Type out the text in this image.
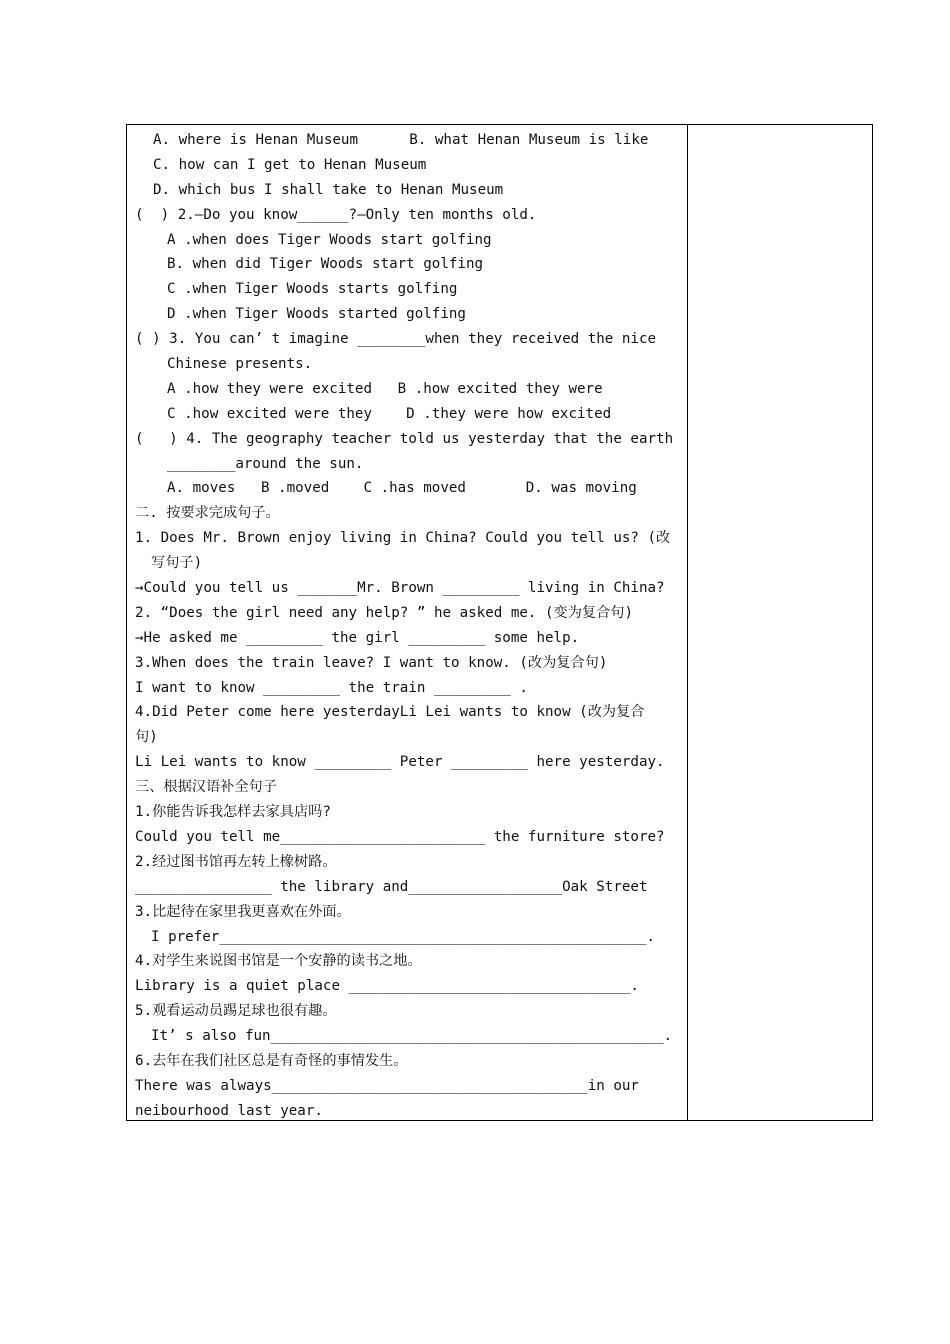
A. where is Henan Museum      B. what Henan Museum is like
C. how can I get to Henan Museum
D. which bus I shall take to Henan Museum
(  ) 2.—Do you know______?—Only ten months old.
A .when does Tiger Woods start golfing
B. when did Tiger Woods start golfing
C .when Tiger Woods starts golfing
D .when Tiger Woods started golfing
( ) 3. You can’ t imagine ________when they received the nice
Chinese presents.
A .how they were excited   B .how excited they were
C .how excited were they    D .they were how excited
(   ) 4. The geography teacher told us yesterday that the earth
________around the sun.
A. moves   B .moved    C .has moved       D. was moving
二. 按要求完成句子。
1. Does Mr. Brown enjoy living in China? Could you tell us? (改
写句子)
→Could you tell us _______Mr. Brown _________ living in China?
2. “Does the girl need any help? ” he asked me. (变为复合句)
→He asked me _________ the girl _________ some help.
3.When does the train leave? I want to know. (改为复合句)
I want to know _________ the train _________ .
4.Did Peter come here yesterdayLi Lei wants to know (改为复合
句)
Li Lei wants to know _________ Peter _________ here yesterday.
三、根据汉语补全句子
1.你能告诉我怎样去家具店吗?
Could you tell me________________________ the furniture store?
2.经过图书馆再左转上橡树路。
________________ the library and__________________Oak Street
3.比起待在家里我更喜欢在外面。
I prefer__________________________________________________.
4.对学生来说图书馆是一个安静的读书之地。
Library is a quiet place _________________________________.
5.观看运动员踢足球也很有趣。
It’ s also fun______________________________________________.
6.去年在我们社区总是有奇怪的事情发生。
There was always_____________________________________in our
neibourhood last year.
